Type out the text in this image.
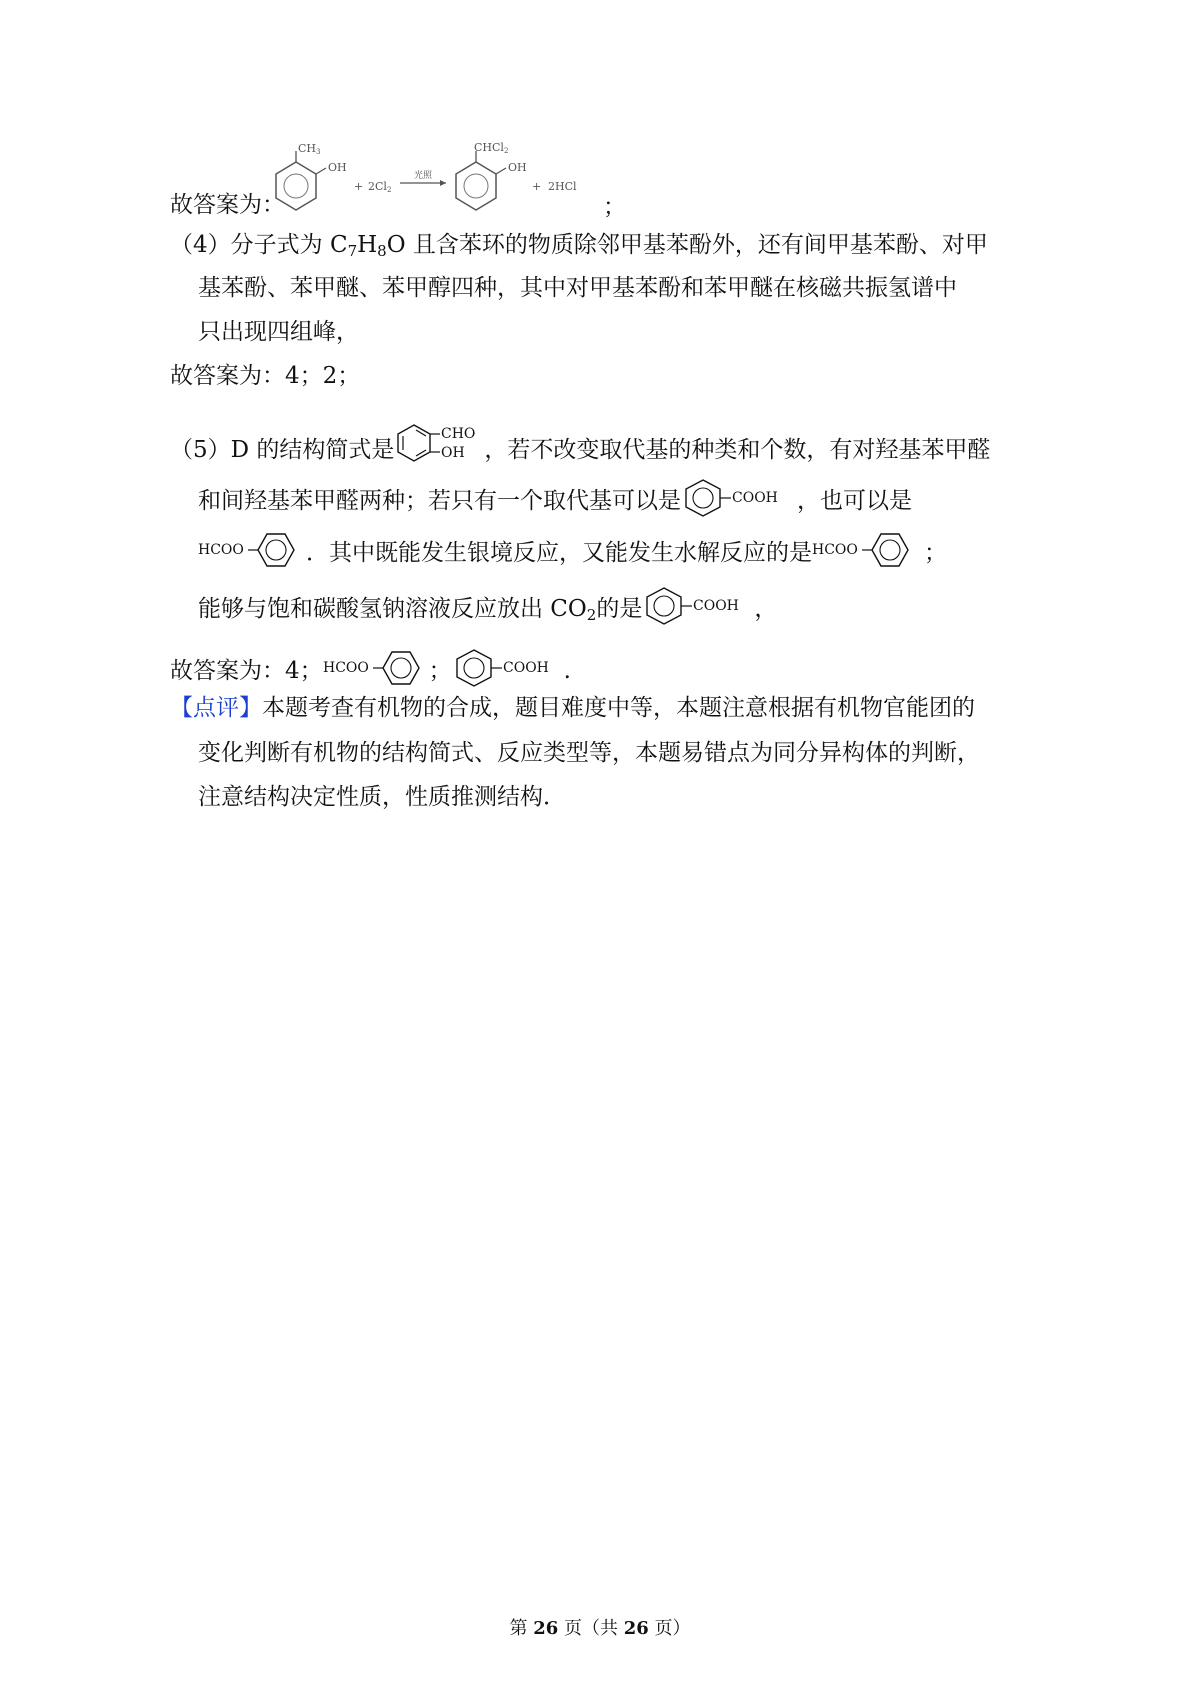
故答案为：
CH3
OH
+ 2Cl2
光照
CHCl2
OH
+ 2HCl
；
（4）分子式为 $C_7H_8O$ 且含苯环的物质除邻甲基苯酚外，还有间甲基苯酚、对甲
基苯酚、苯甲醚、苯甲醇四种，其中对甲基苯酚和苯甲醚在核磁共振氢谱中
只出现四组峰，
故答案为：4；2；
（5）D 的结构简式是
CHO
OH ，若不改变取代基的种类和个数，有对羟基苯甲醛
和间羟基苯甲醛两种；若只有一个取代基可以是	COOH ，也可以是
HCOO	．其中既能发生银境反应，又能发生水解反应的是 HCOO	；
能够与饱和碳酸氢钠溶液反应放出 $CO_2$的是	COOH ，
故答案为：4； HCOO	；	COOH .
【点评】本题考查有机物的合成，题目难度中等，本题注意根据有机物官能团的
变化判断有机物的结构简式、反应类型等，本题易错点为同分异构体的判断，
注意结构决定性质，性质推测结构．
第 26 页（共 26 页）
